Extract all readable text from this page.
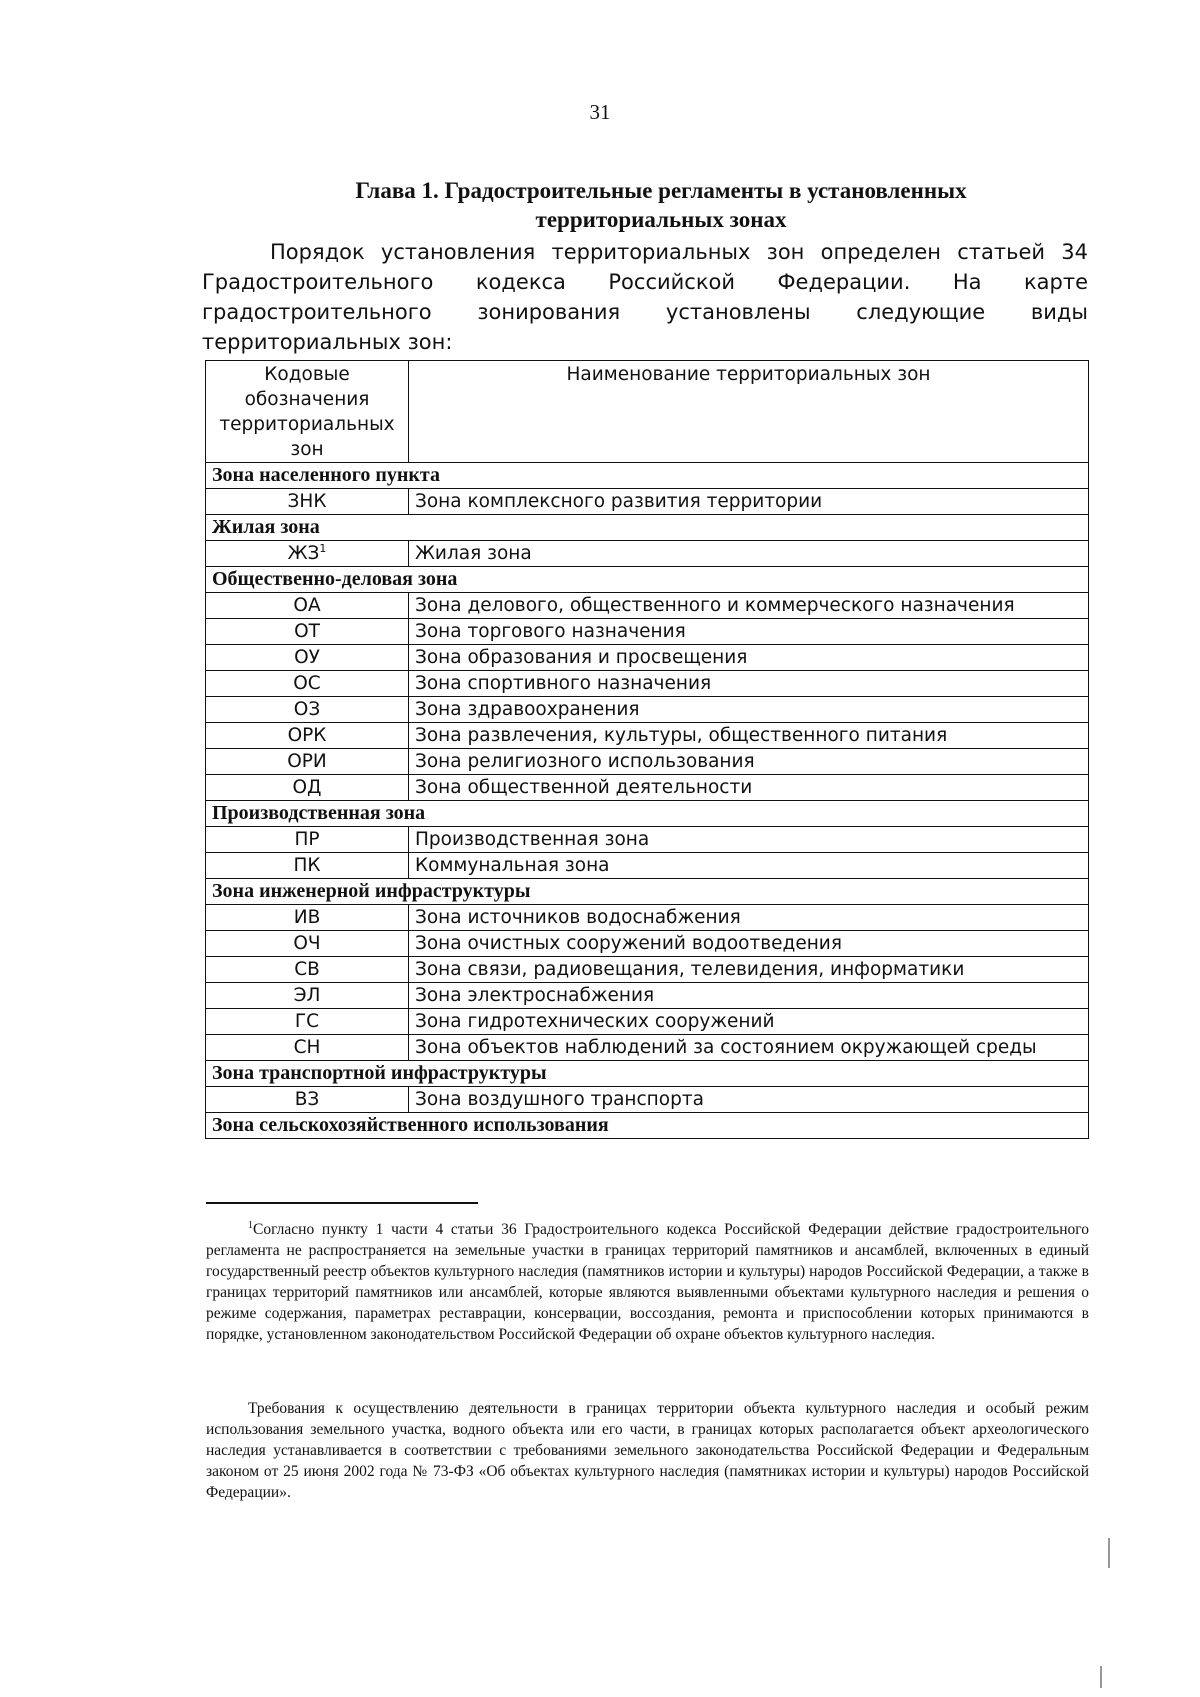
31
Глава 1. Градостроительные регламенты в установленных территориальных зонах

Порядок установления территориальных зон определен статьей 34 Градостроительного кодекса Российской Федерации. На карте градостроительного зонирования установлены следующие виды территориальных зон:

Кодовые обозначения территориальных зон	Наименование территориальных зон
Зона населенного пункта	
ЗНК	Зона комплексного развития территории
Жилая зона	
$ЖЗ^1$	Жилая зона
Общественно-деловая зона	
ОА	Зона делового, общественного и коммерческого назначения
ОТ	Зона торгового назначения
ОУ	Зона образования и просвещения
ОС	Зона спортивного назначения
ОЗ	Зона здравоохранения
ОРК	Зона развлечения, культуры, общественного питания
ОРИ	Зона религиозного использования
ОД	Зона общественной деятельности
Производственная зона	
ПР	Производственная зона
ПК	Коммунальная зона
Зона инженерной инфраструктуры	
ИВ	Зона источников водоснабжения
ОЧ	Зона очистных сооружений водоотведения
СВ	Зона связи, радиовещания, телевидения, информатики
ЭЛ	Зона электроснабжения
ГС	Зона гидротехнических сооружений
СН	Зона объектов наблюдений за состоянием окружающей среды
Зона транспортной инфраструктуры	
ВЗ	Зона воздушного транспорта
Зона сельскохозяйственного использования	

$^1$Согласно пункту 1 части 4 статьи 36 Градостроительного кодекса Российской Федерации действие градостроительного регламента не распространяется на земельные участки в границах территорий памятников и ансамблей, включенных в единый государственный реестр объектов культурного наследия (памятников истории и культуры) народов Российской Федерации, а также в границах территорий памятников или ансамблей, которые являются выявленными объектами культурного наследия и решения о режиме содержания, параметрах реставрации, консервации, воссоздания, ремонта и приспособлении которых принимаются в порядке, установленном законодательством Российской Федерации об охране объектов культурного наследия.

Требования к осуществлению деятельности в границах территории объекта культурного наследия и особый режим использования земельного участка, водного объекта или его части, в границах которых располагается объект археологического наследия устанавливается в соответствии с требованиями земельного законодательства Российской Федерации и Федеральным законом от 25 июня 2002 года № 73-ФЗ «Об объектах культурного наследия (памятниках истории и культуры) народов Российской Федерации».
